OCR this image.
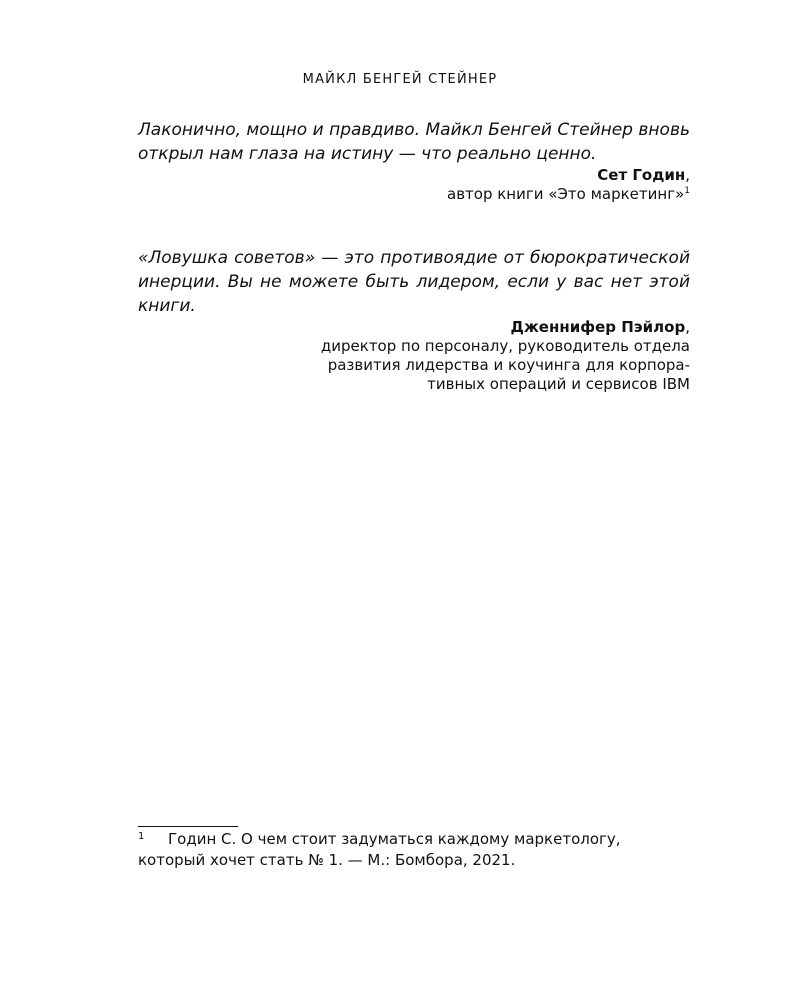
МАЙКЛ БЕНГЕЙ СТЕЙНЕР

Лаконично, мощно и правдиво. Майкл Бенгей Стейнер вновь открыл нам глаза на истину — что реально ценно.

Сет Годин,

автор книги «Это маркетинг»$^1$

«Ловушка советов» — это противоядие от бюрократической инерции. Вы не можете быть лидером, если у вас нет этой книги.

Дженнифер Пэйлор,

директор по персоналу, руководитель отдела

развития лидерства и коучинга для корпора-

тивных операций и сервисов IBM

1 Годин С. О чем стоит задуматься каждому маркетологу, который хочет стать № 1. — М.: Бомбора, 2021.
